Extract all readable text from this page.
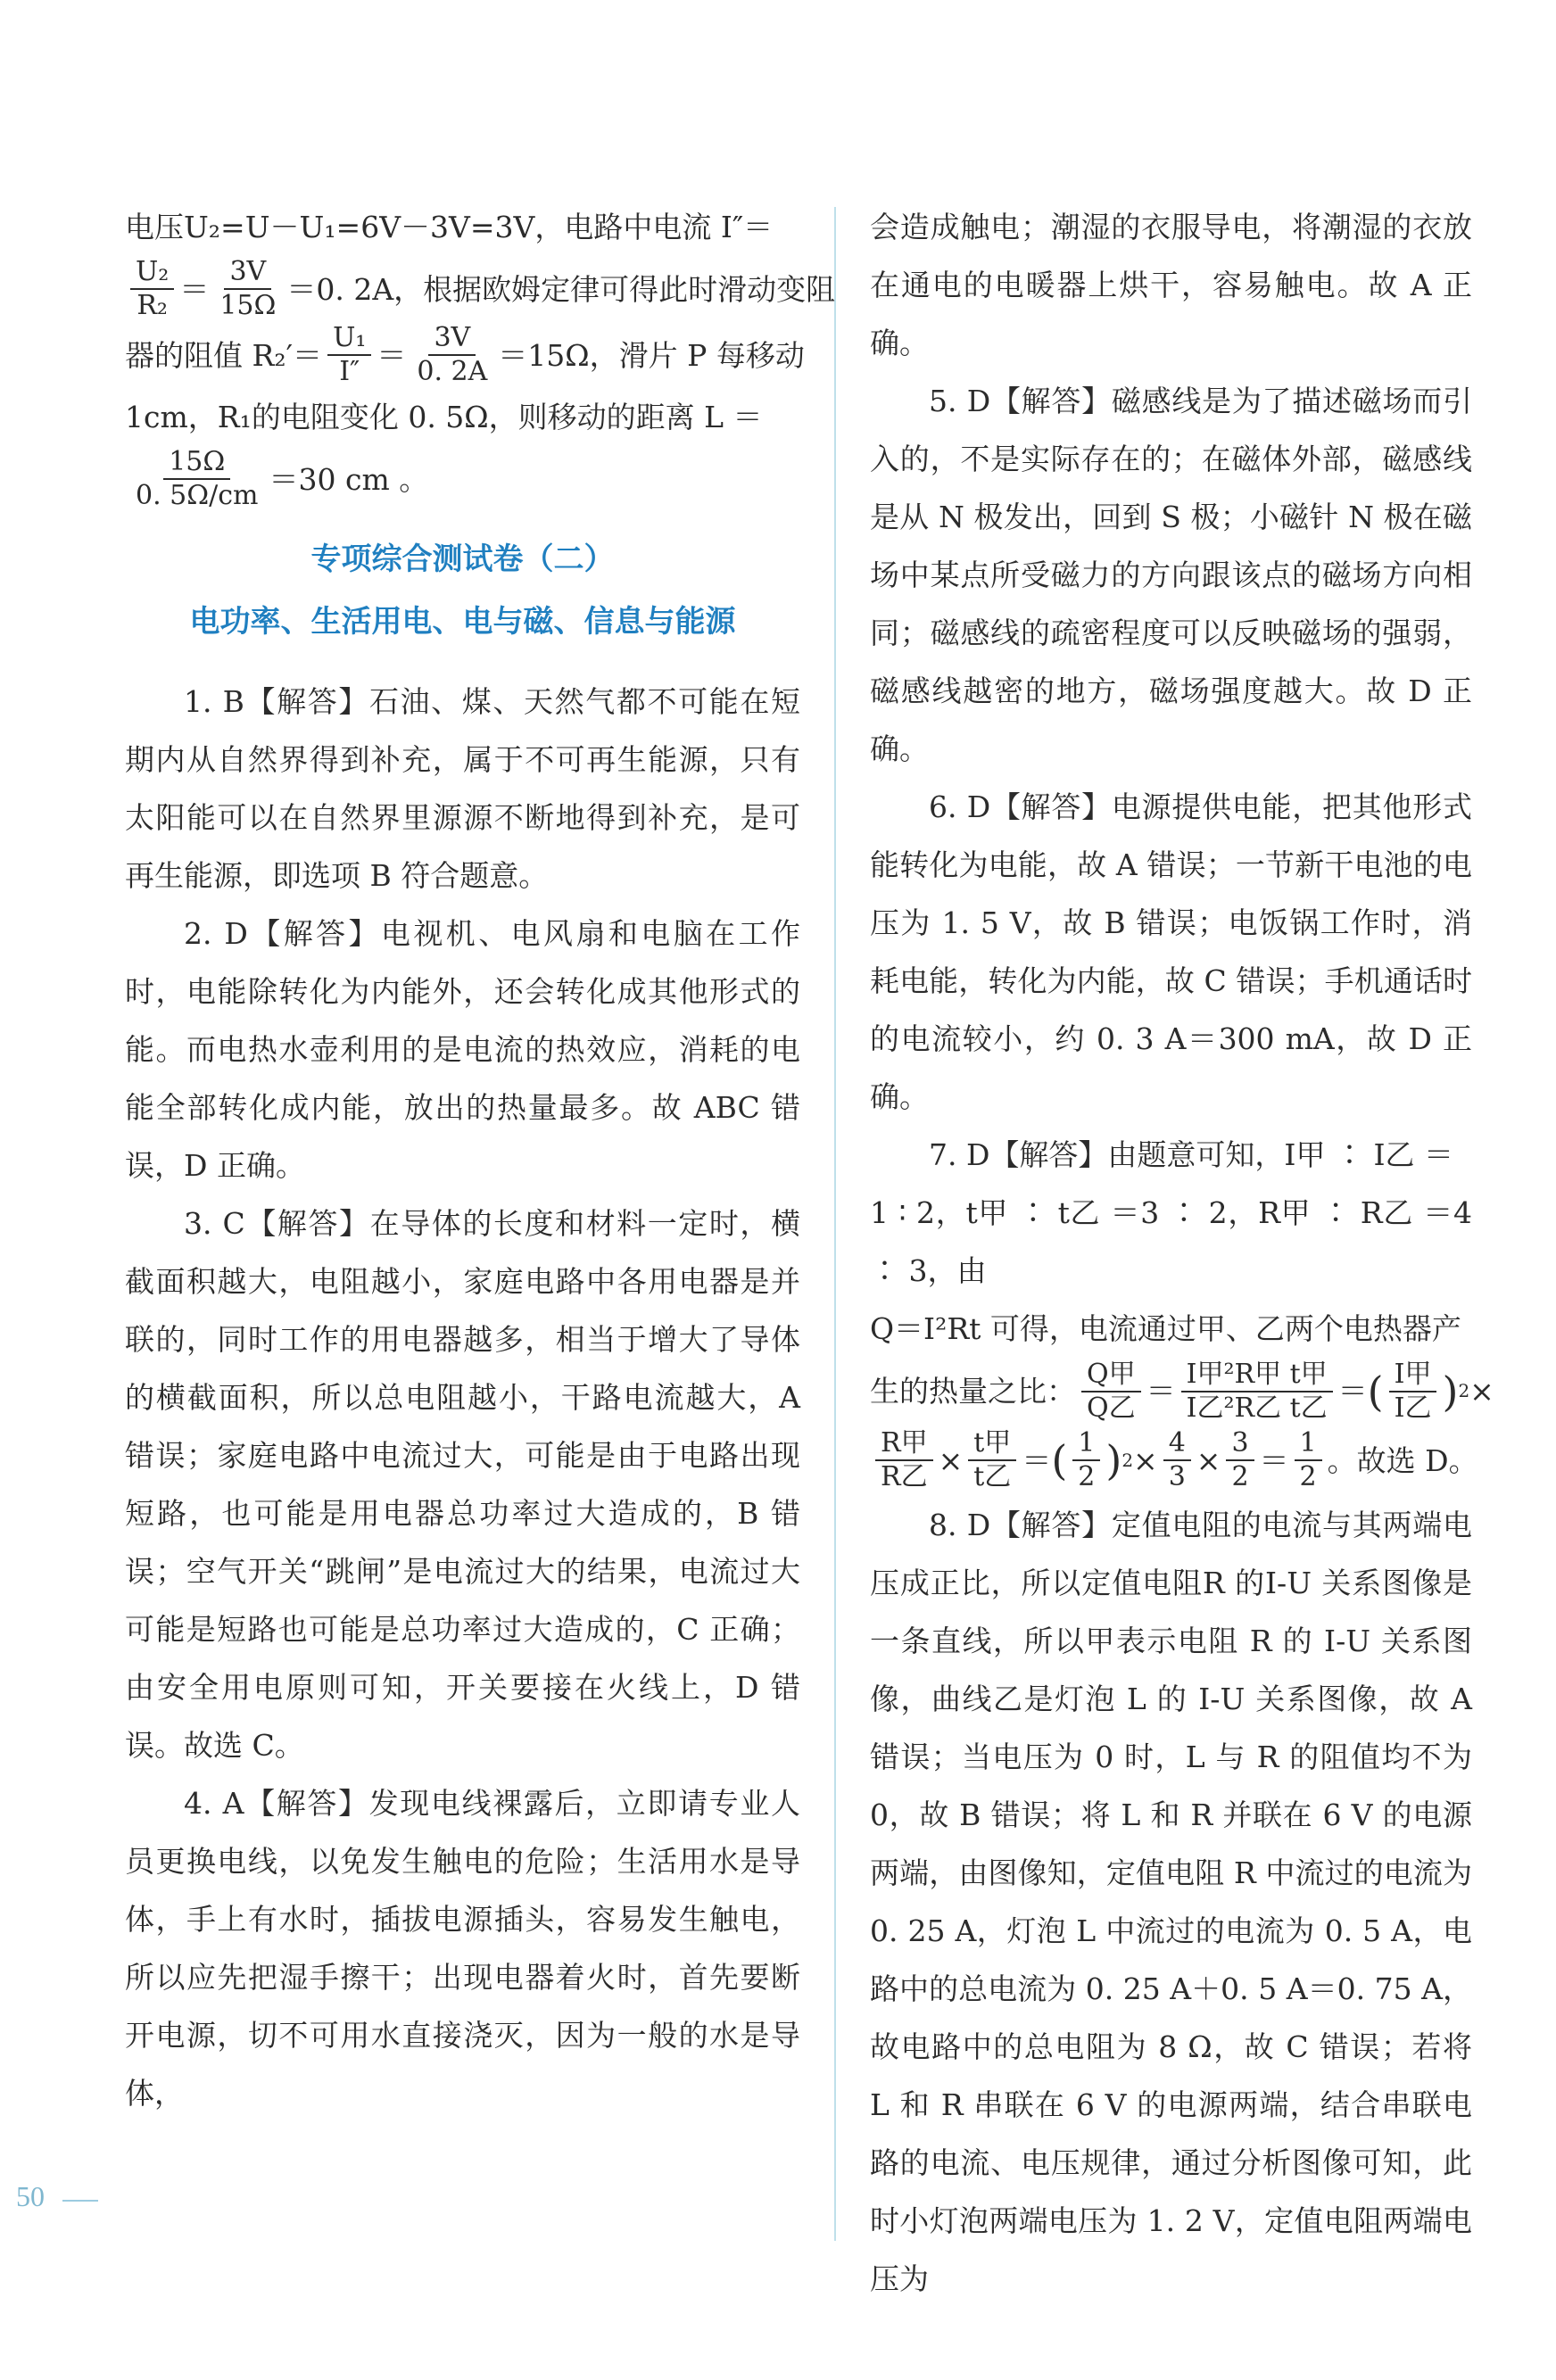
电压U₂=U－U₁=6V－3V=3V，电路中电流 I″＝

$\frac{\text{U₂}}{\text{R₂}} = \frac{3V}{15\Omega} =0$. 2A，根据欧姆定律可得此时滑动变阻

器的阻值 $R_2'= \frac{\text{U₁}}{I''} = \frac{3V}{0. 2A} =15\Omega$，滑片 P 每移动

1cm，R₁的电阻变化 0. 5Ω，则移动的距离 L ＝

$\frac{15\Omega}{0. 5\Omega/cm} =30$ cm 。

专项综合测试卷（二）
电功率、生活用电、电与磁、信息与能源

1. B【解答】石油、煤、天然气都不可能在短期内从自然界得到补充，属于不可再生能源，只有太阳能可以在自然界里源源不断地得到补充，是可再生能源，即选项 B 符合题意。

2. D【解答】电视机、电风扇和电脑在工作时，电能除转化为内能外，还会转化成其他形式的能。而电热水壶利用的是电流的热效应，消耗的电能全部转化成内能，放出的热量最多。故 ABC 错误，D 正确。

3. C【解答】在导体的长度和材料一定时，横截面积越大，电阻越小，家庭电路中各用电器是并联的，同时工作的用电器越多，相当于增大了导体的横截面积，所以总电阻越小，干路电流越大，A 错误；家庭电路中电流过大，可能是由于电路出现短路，也可能是用电器总功率过大造成的，B 错误；空气开关“跳闸”是电流过大的结果，电流过大可能是短路也可能是总功率过大造成的，C 正确；由安全用电原则可知，开关要接在火线上，D 错误。故选 C。

4. A【解答】发现电线裸露后，立即请专业人员更换电线，以免发生触电的危险；生活用水是导体，手上有水时，插拔电源插头，容易发生触电，所以应先把湿手擦干；出现电器着火时，首先要断开电源，切不可用水直接浇灭，因为一般的水是导体，

会造成触电；潮湿的衣服导电，将潮湿的衣放在通电的电暖器上烘干，容易触电。故 A 正确。

5. D【解答】磁感线是为了描述磁场而引入的，不是实际存在的；在磁体外部，磁感线是从 N 极发出，回到 S 极；小磁针 N 极在磁场中某点所受磁力的方向跟该点的磁场方向相同；磁感线的疏密程度可以反映磁场的强弱，磁感线越密的地方，磁场强度越大。故 D 正确。

6. D【解答】电源提供电能，把其他形式能转化为电能，故 A 错误；一节新干电池的电压为 1. 5 V，故 B 错误；电饭锅工作时，消耗电能，转化为内能，故 C 错误；手机通话时的电流较小，约 0. 3 A＝300 mA，故 D 正确。

7. D【解答】由题意可知，I甲 ∶ I乙 ＝

1 ∶ 2，t甲 ∶ t乙 ＝3 ∶ 2，R甲 ∶ R乙 ＝4 ∶ 3，由

Q＝I²Rt 可得，电流通过甲、乙两个电热器产

生的热量之比： $\frac{\text{Q甲}}{\text{Q乙}} = \frac{\text{I甲²R甲 t甲}}{\text{I乙²R乙 t乙}}$ ＝ ( $\frac{\text{I甲}}{\text{I乙}}$ ) 2 ×

$\frac{\text{R甲}}{\text{R乙}} \times \frac{\text{t甲}}{\text{t乙}}$ ＝ ( $\frac{1}{2}$ ) $2 \times \frac{4}{3} \times \frac{3}{2} = \frac{1}{2}$ 。故选 D。

8. D【解答】定值电阻的电流与其两端电压成正比，所以定值电阻R 的I-U 关系图像是一条直线，所以甲表示电阻 R 的 I-U 关系图像，曲线乙是灯泡 L 的 I-U 关系图像，故 A 错误；当电压为 0 时，L 与 R 的阻值均不为 0，故 B 错误；将 L 和 R 并联在 6 V 的电源两端，由图像知，定值电阻 R 中流过的电流为 0. 25 A，灯泡 L 中流过的电流为 0. 5 A，电路中的总电流为 0. 25 A＋0. 5 A＝0. 75 A，故电路中的总电阻为 8 Ω，故 C 错误；若将 L 和 R 串联在 6 V 的电源两端，结合串联电路的电流、电压规律，通过分析图像可知，此时小灯泡两端电压为 1. 2 V，定值电阻两端电压为

50
